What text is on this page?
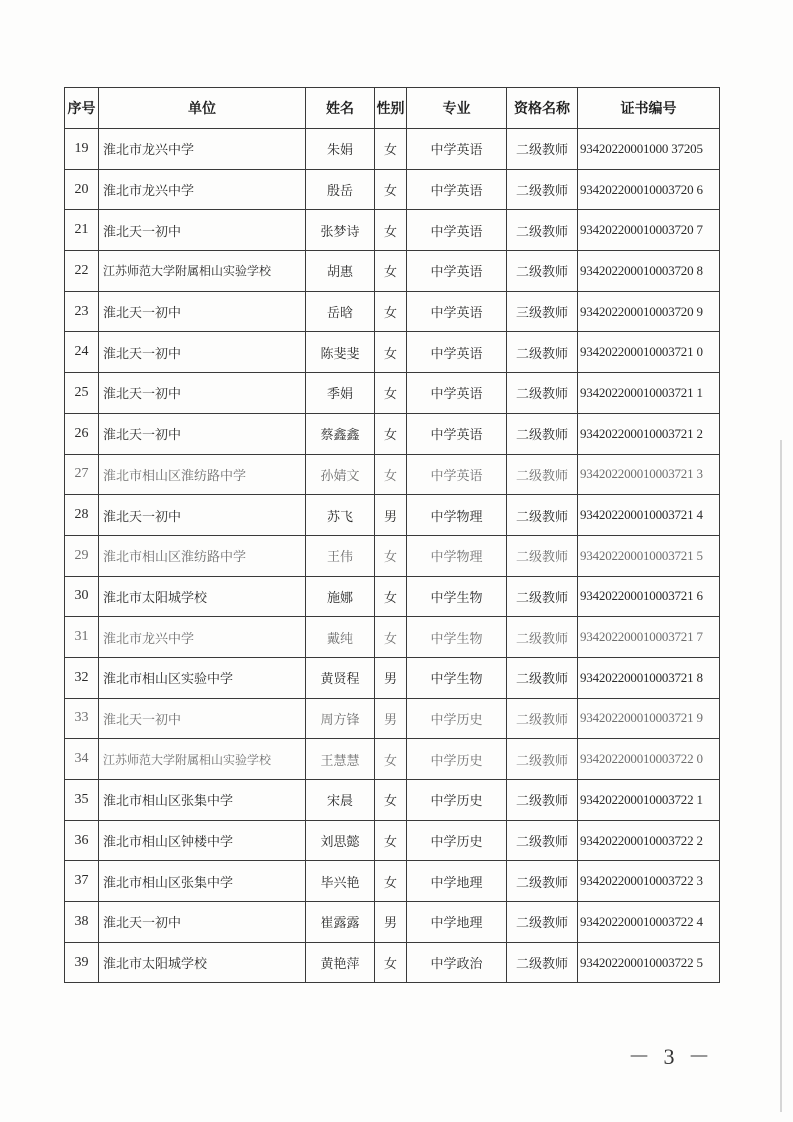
序号	单位	姓名	性别	专业	资格名称	证书编号
19	淮北市龙兴中学	朱娟	女	中学英语	二级教师	93420220001000 37205
20	淮北市龙兴中学	殷岳	女	中学英语	二级教师	934202200010003720 6
21	淮北天一初中	张梦诗	女	中学英语	二级教师	934202200010003720 7
22	江苏师范大学附属相山实验学校	胡惠	女	中学英语	二级教师	934202200010003720 8
23	淮北天一初中	岳晗	女	中学英语	三级教师	934202200010003720 9
24	淮北天一初中	陈斐斐	女	中学英语	二级教师	934202200010003721 0
25	淮北天一初中	季娟	女	中学英语	二级教师	934202200010003721 1
26	淮北天一初中	蔡鑫鑫	女	中学英语	二级教师	934202200010003721 2
27	淮北市相山区淮纺路中学	孙婧文	女	中学英语	二级教师	934202200010003721 3
28	淮北天一初中	苏飞	男	中学物理	二级教师	934202200010003721 4
29	淮北市相山区淮纺路中学	王伟	女	中学物理	二级教师	934202200010003721 5
30	淮北市太阳城学校	施娜	女	中学生物	二级教师	934202200010003721 6
31	淮北市龙兴中学	戴纯	女	中学生物	二级教师	934202200010003721 7
32	淮北市相山区实验中学	黄贤程	男	中学生物	二级教师	934202200010003721 8
33	淮北天一初中	周方锋	男	中学历史	二级教师	934202200010003721 9
34	江苏师范大学附属相山实验学校	王慧慧	女	中学历史	二级教师	934202200010003722 0
35	淮北市相山区张集中学	宋晨	女	中学历史	二级教师	934202200010003722 1
36	淮北市相山区钟楼中学	刘思懿	女	中学历史	二级教师	934202200010003722 2
37	淮北市相山区张集中学	毕兴艳	女	中学地理	二级教师	934202200010003722 3
38	淮北天一初中	崔露露	男	中学地理	二级教师	934202200010003722 4
39	淮北市太阳城学校	黄艳萍	女	中学政治	二级教师	934202200010003722 5
－ 3 －
